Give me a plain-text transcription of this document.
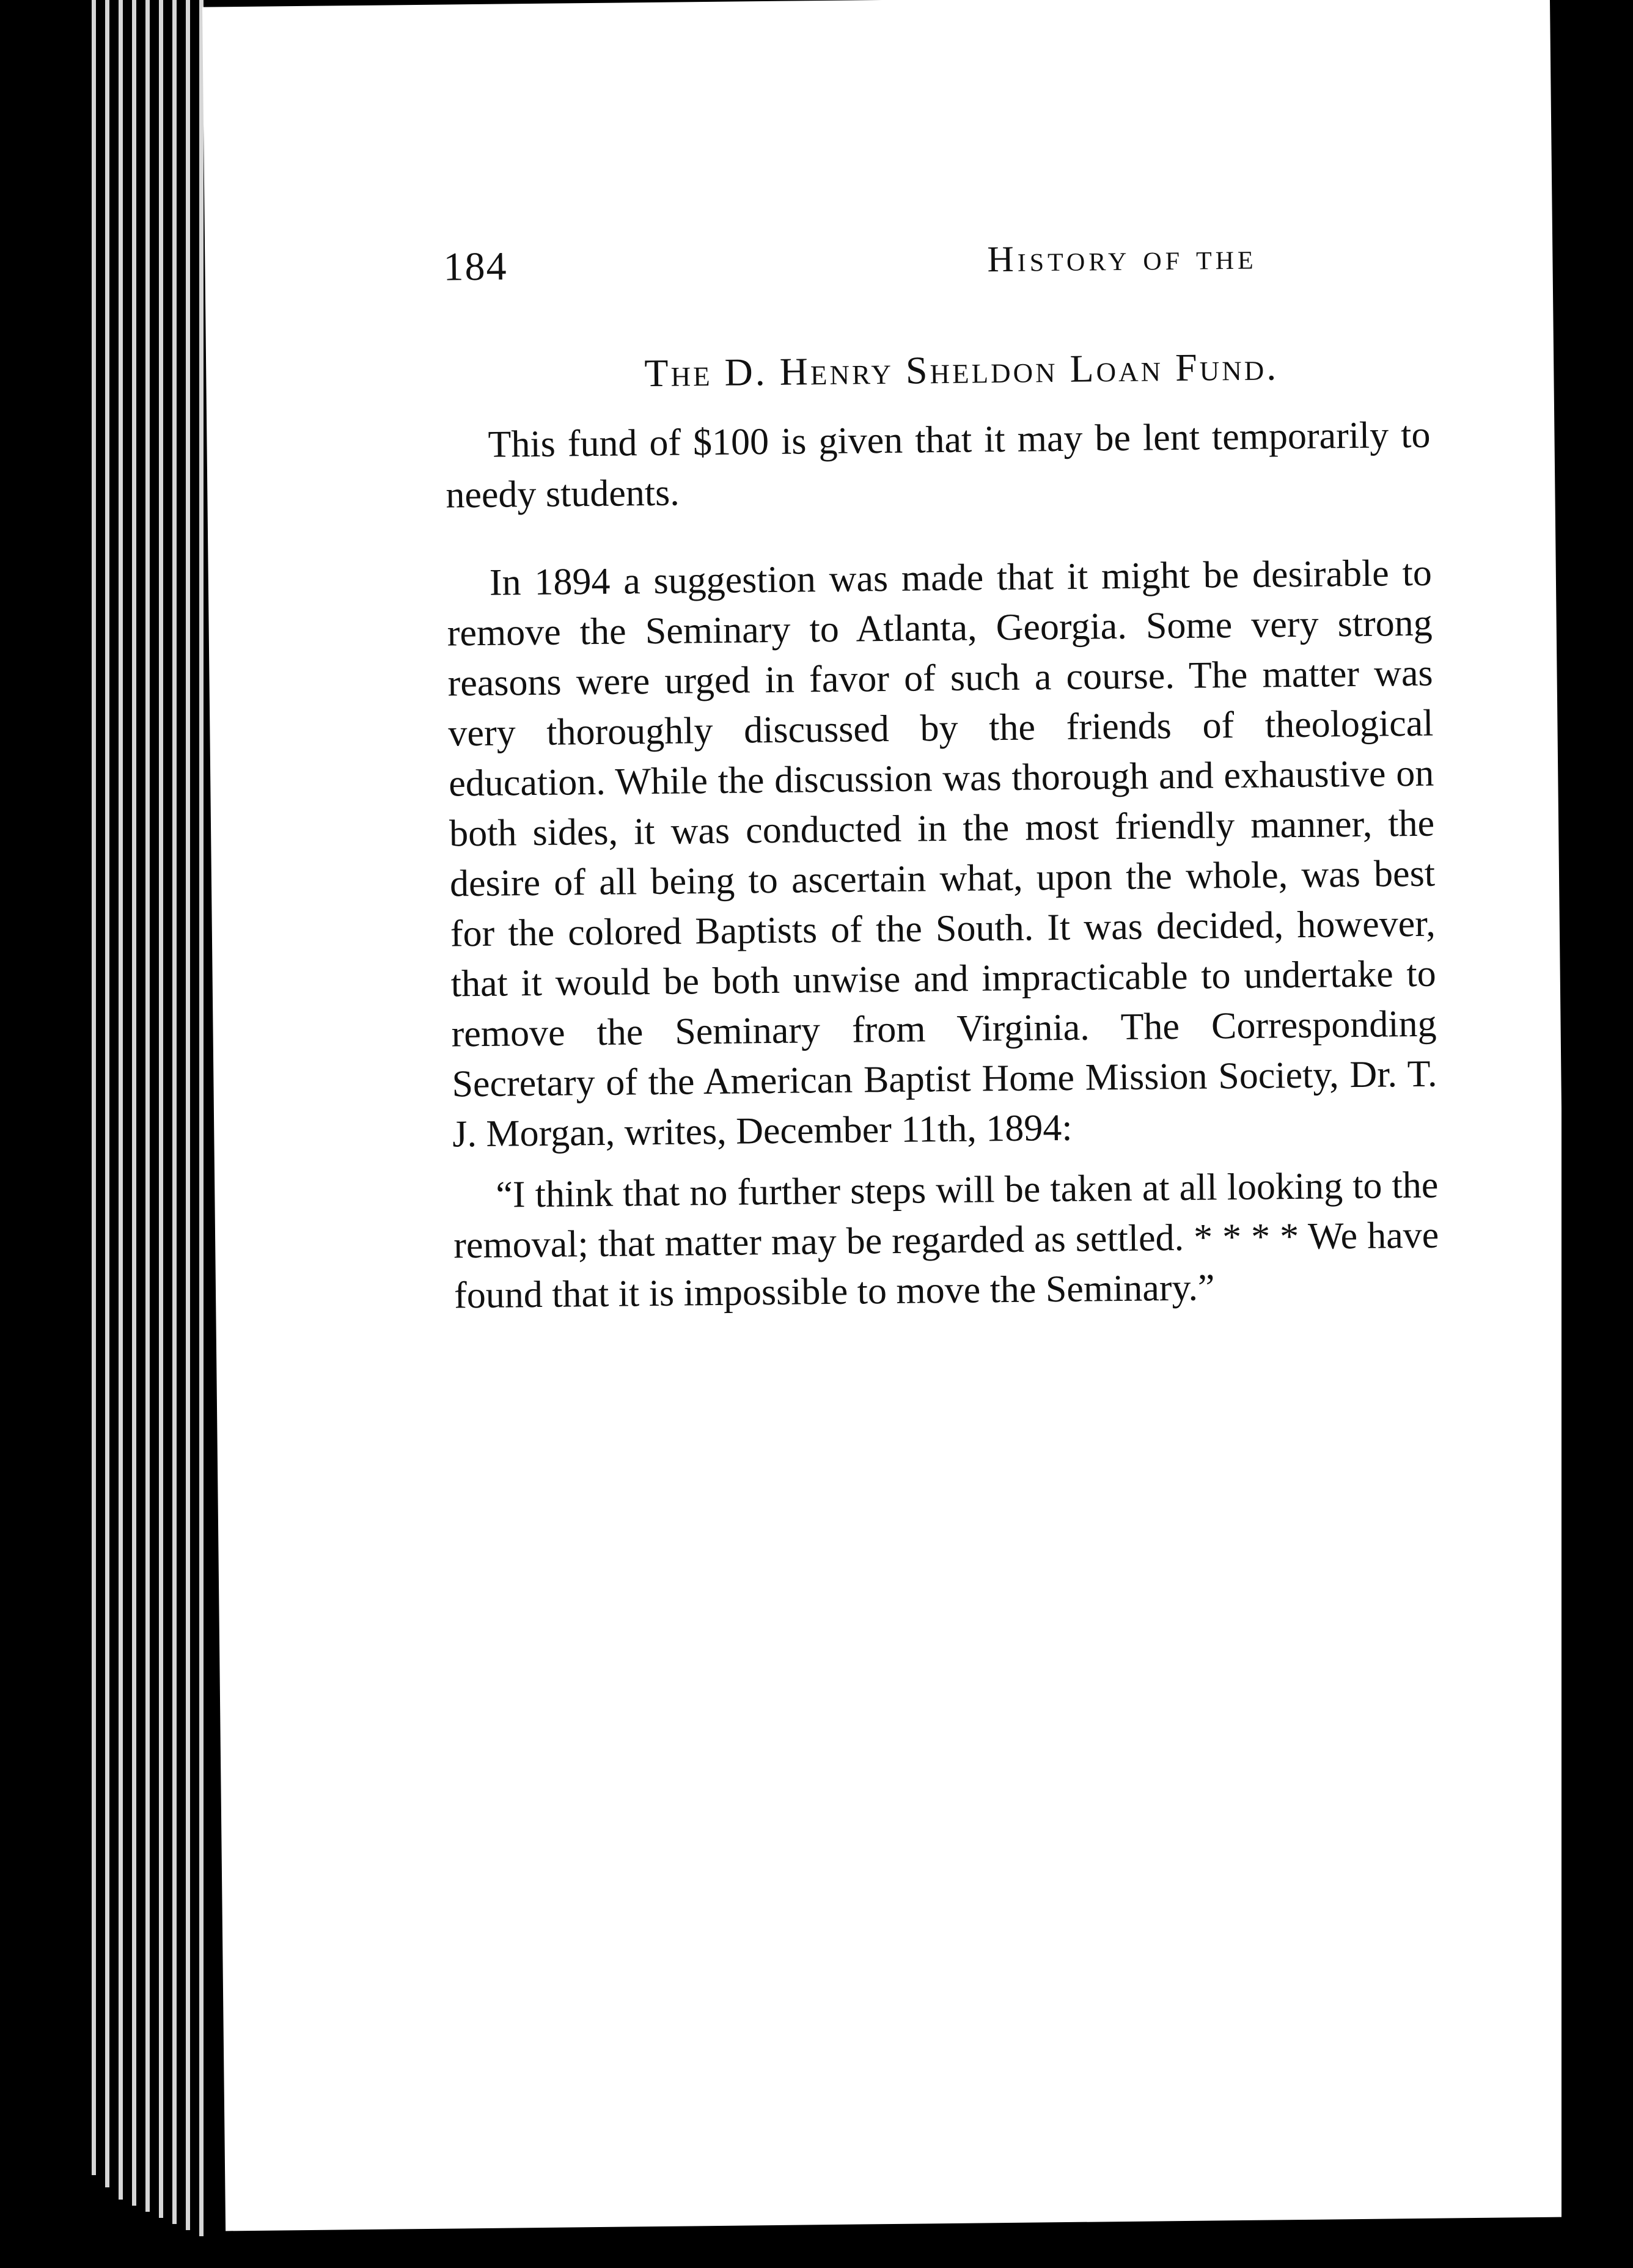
184	History of the
The D. Henry Sheldon Loan Fund.

This fund of $100 is given that it may be lent temporarily to needy students.

In 1894 a suggestion was made that it might be desirable to remove the Seminary to Atlanta, Georgia. Some very strong reasons were urged in favor of such a course. The matter was very thoroughly discussed by the friends of theological education. While the discussion was thorough and exhaustive on both sides, it was conducted in the most friendly manner, the desire of all being to ascertain what, upon the whole, was best for the colored Baptists of the South. It was decided, however, that it would be both unwise and impracticable to undertake to remove the Seminary from Virginia. The Corresponding Secretary of the American Baptist Home Mission Society, Dr. T. J. Morgan, writes, December 11th, 1894:

“I think that no further steps will be taken at all looking to the removal; that matter may be regarded as settled. * * * * We have found that it is impossible to move the Seminary.”
